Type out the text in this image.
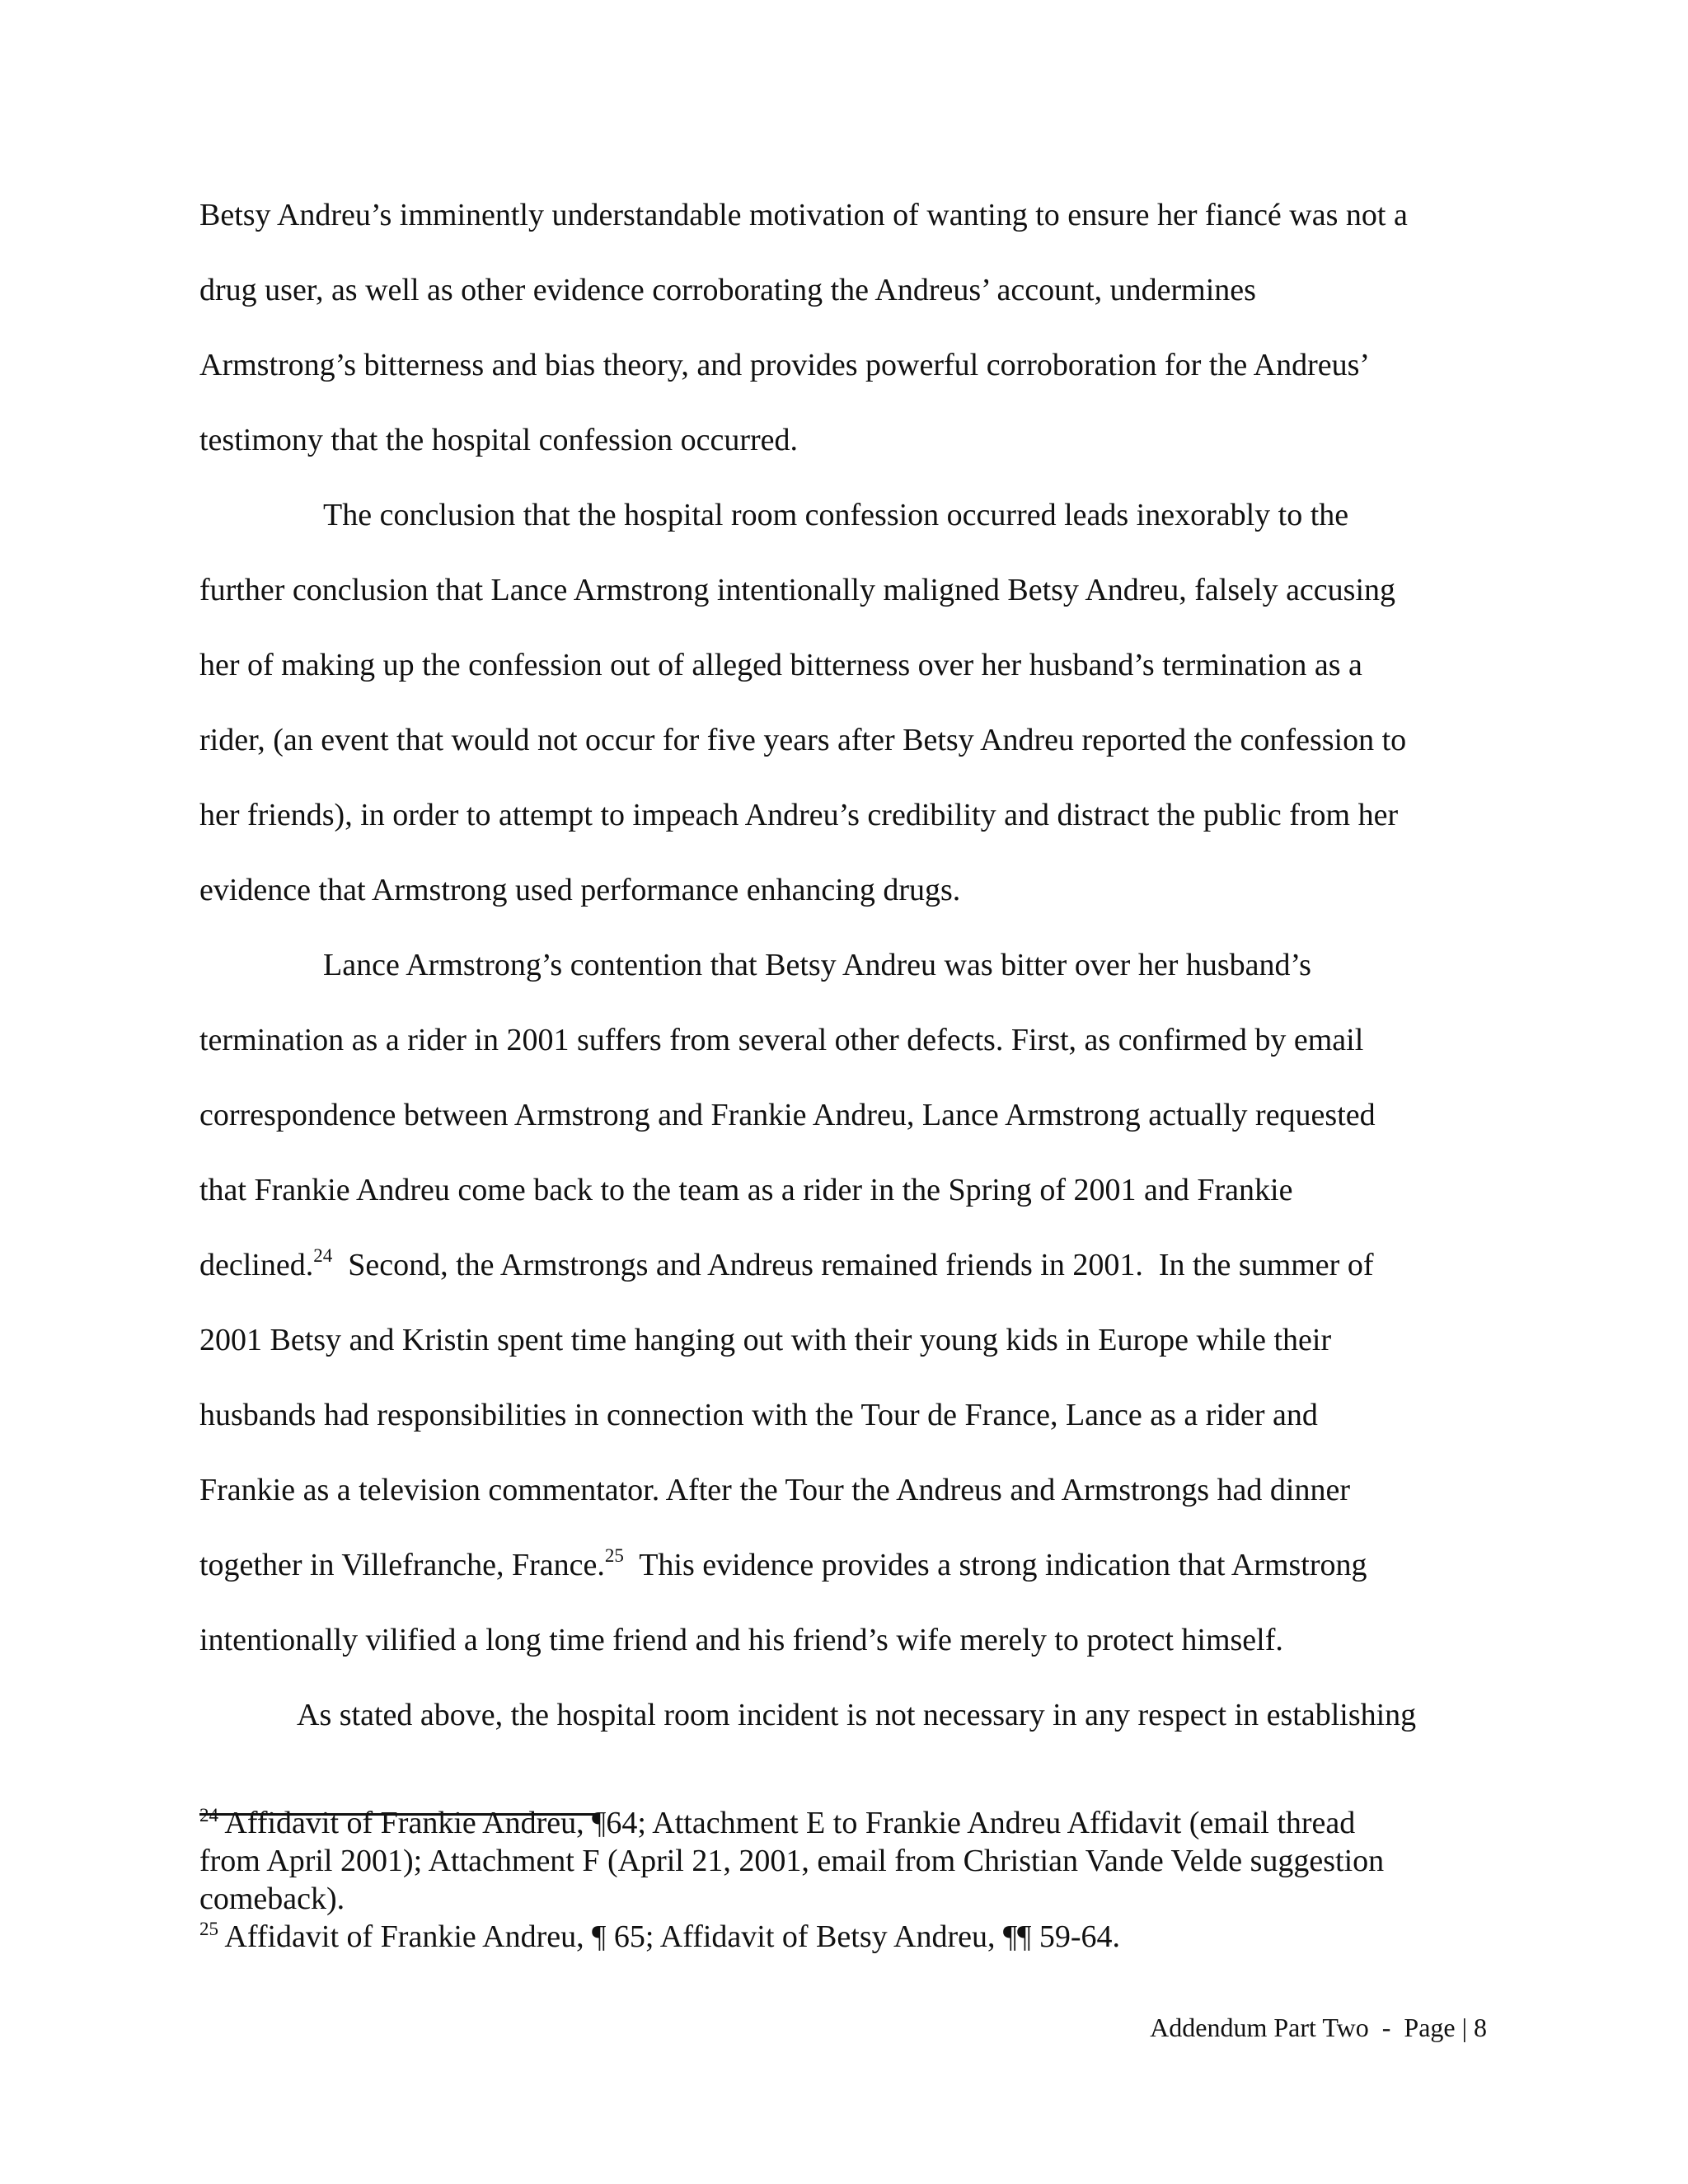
Betsy Andreu’s imminently understandable motivation of wanting to ensure her fiancé was not a
drug user, as well as other evidence corroborating the Andreus’ account, undermines
Armstrong’s bitterness and bias theory, and provides powerful corroboration for the Andreus’
testimony that the hospital confession occurred.
The conclusion that the hospital room confession occurred leads inexorably to the
further conclusion that Lance Armstrong intentionally maligned Betsy Andreu, falsely accusing
her of making up the confession out of alleged bitterness over her husband’s termination as a
rider, (an event that would not occur for five years after Betsy Andreu reported the confession to
her friends), in order to attempt to impeach Andreu’s credibility and distract the public from her
evidence that Armstrong used performance enhancing drugs.
Lance Armstrong’s contention that Betsy Andreu was bitter over her husband’s
termination as a rider in 2001 suffers from several other defects. First, as confirmed by email
correspondence between Armstrong and Frankie Andreu, Lance Armstrong actually requested
that Frankie Andreu come back to the team as a rider in the Spring of 2001 and Frankie
declined.$^{24}$  Second, the Armstrongs and Andreus remained friends in 2001.  In the summer of
2001 Betsy and Kristin spent time hanging out with their young kids in Europe while their
husbands had responsibilities in connection with the Tour de France, Lance as a rider and
Frankie as a television commentator. After the Tour the Andreus and Armstrongs had dinner
together in Villefranche, France.$^{25}$  This evidence provides a strong indication that Armstrong
intentionally vilified a long time friend and his friend’s wife merely to protect himself.
As stated above, the hospital room incident is not necessary in any respect in establishing
$^{24}$ Affidavit of Frankie Andreu, ¶64; Attachment E to Frankie Andreu Affidavit (email thread
from April 2001); Attachment F (April 21, 2001, email from Christian Vande Velde suggestion
comeback).
$^{25}$ Affidavit of Frankie Andreu, ¶ 65; Affidavit of Betsy Andreu, ¶¶ 59-64.
Addendum Part Two  -  Page | 8
